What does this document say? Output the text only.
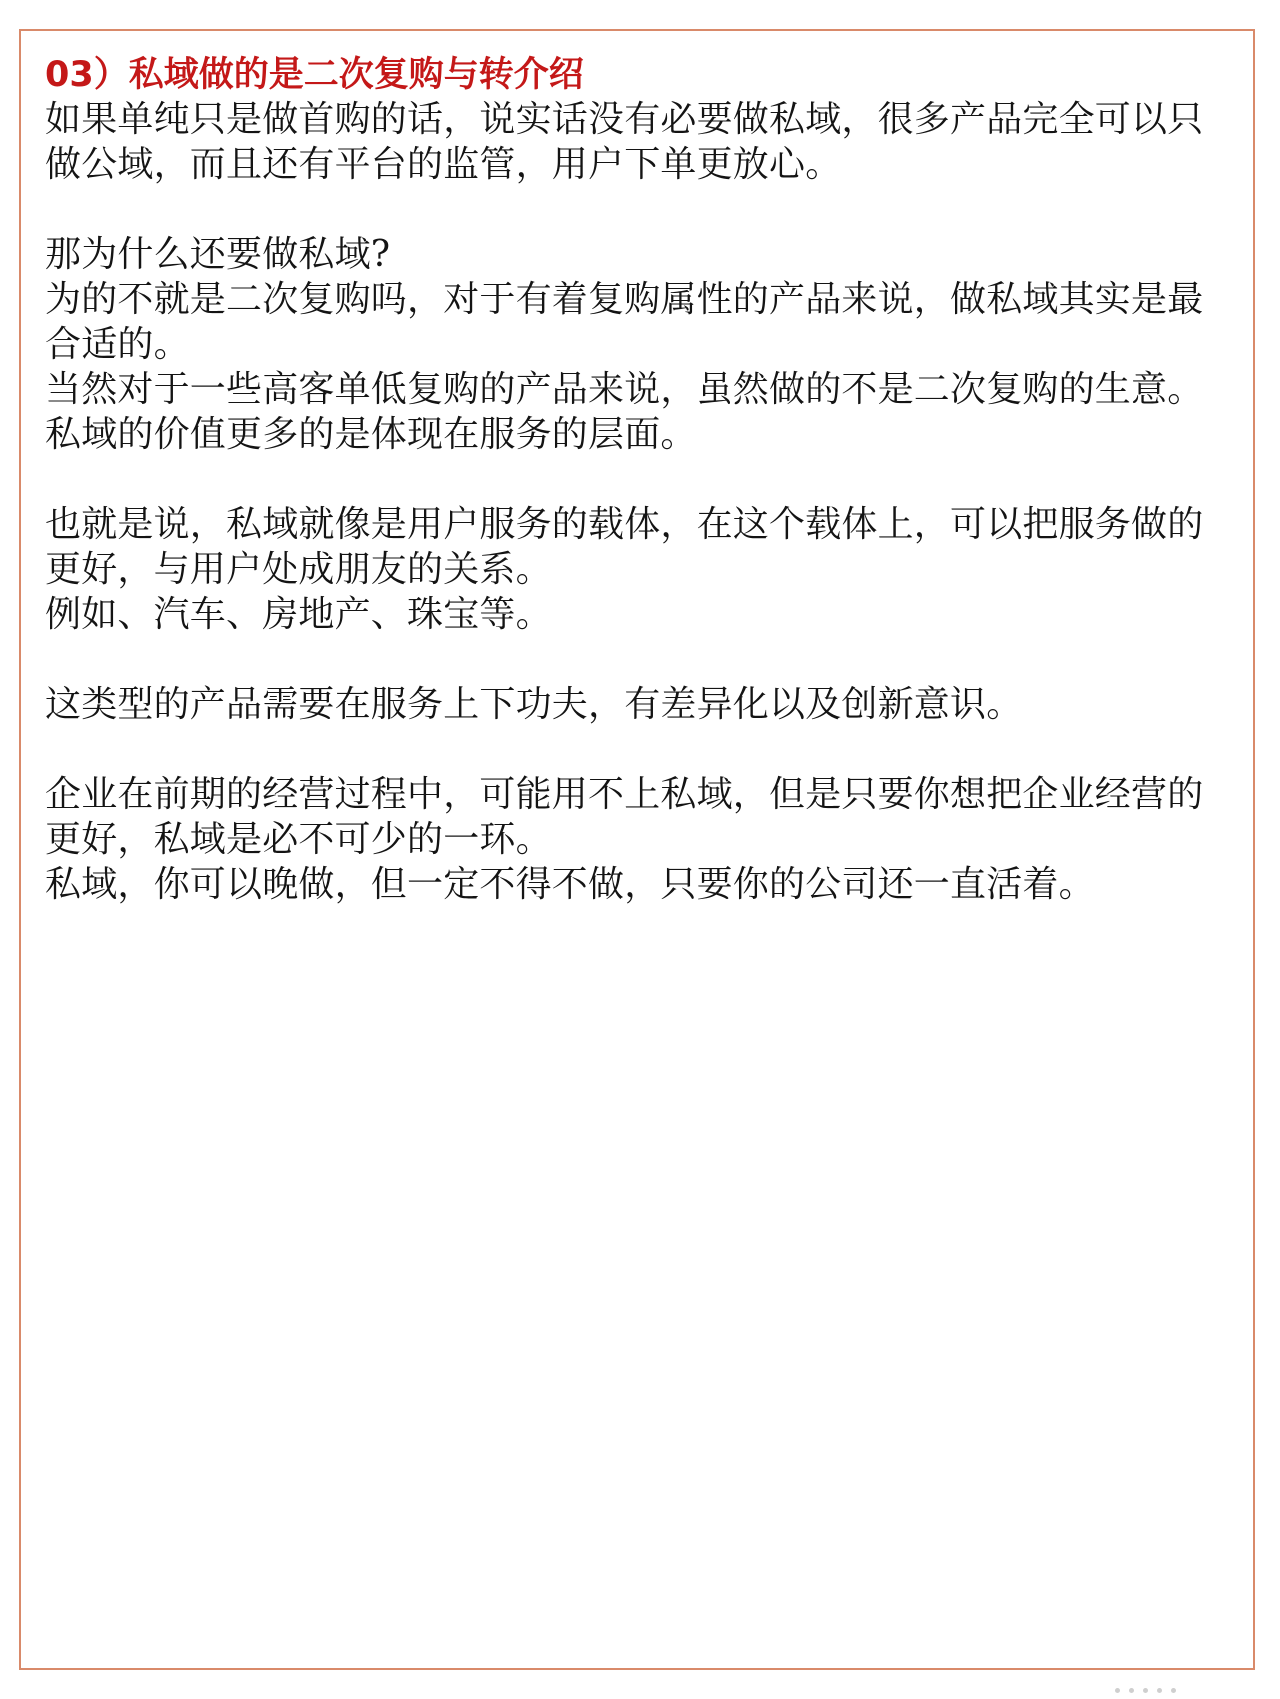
03）私域做的是二次复购与转介绍
如果单纯只是做首购的话，说实话没有必要做私域，很多产品完全可以只
做公域，而且还有平台的监管，用户下单更放心。
那为什么还要做私域?
为的不就是二次复购吗，对于有着复购属性的产品来说，做私域其实是最
合适的。
当然对于一些高客单低复购的产品来说，虽然做的不是二次复购的生意。
私域的价值更多的是体现在服务的层面。
也就是说，私域就像是用户服务的载体，在这个载体上，可以把服务做的
更好，与用户处成朋友的关系。
例如、汽车、房地产、珠宝等。
这类型的产品需要在服务上下功夫，有差异化以及创新意识。
企业在前期的经营过程中，可能用不上私域，但是只要你想把企业经营的
更好，私域是必不可少的一环。
私域，你可以晚做，但一定不得不做，只要你的公司还一直活着。
